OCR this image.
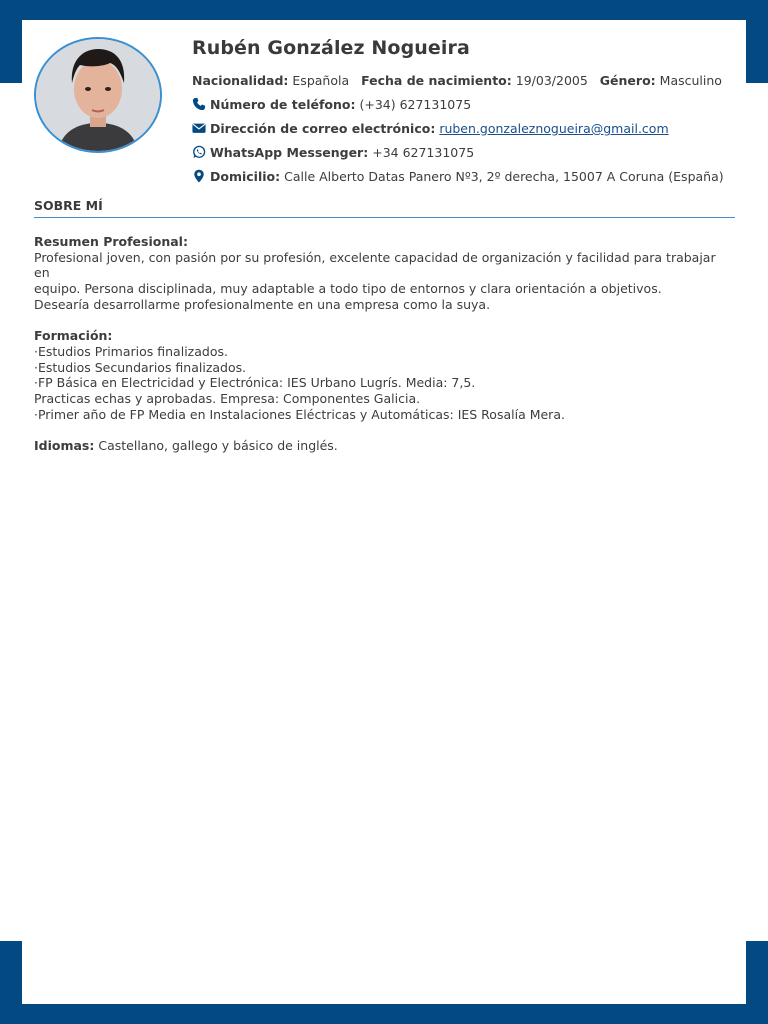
Rubén González Nogueira
Nacionalidad: Española Fecha de nacimiento: 19/03/2005 Género: Masculino
Número de teléfono: (+34) 627131075
Dirección de correo electrónico: ruben.gonzaleznogueira@gmail.com
WhatsApp Messenger: +34 627131075
Domicilio: Calle Alberto Datas Panero Nº3, 2º derecha, 15007 A Coruna (España)
SOBRE MÍ

Resumen Profesional:

Profesional joven, con pasión por su profesión, excelente capacidad de organización y facilidad para trabajar en

equipo. Persona disciplinada, muy adaptable a todo tipo de entornos y clara orientación a objetivos.

Desearía desarrollarme profesionalmente en una empresa como la suya.

Formación:

·Estudios Primarios finalizados.

·Estudios Secundarios finalizados.

·FP Básica en Electricidad y Electrónica: IES Urbano Lugrís. Media: 7,5.

Practicas echas y aprobadas. Empresa: Componentes Galicia.

·Primer año de FP Media en Instalaciones Eléctricas y Automáticas: IES Rosalía Mera.

Idiomas: Castellano, gallego y básico de inglés.
